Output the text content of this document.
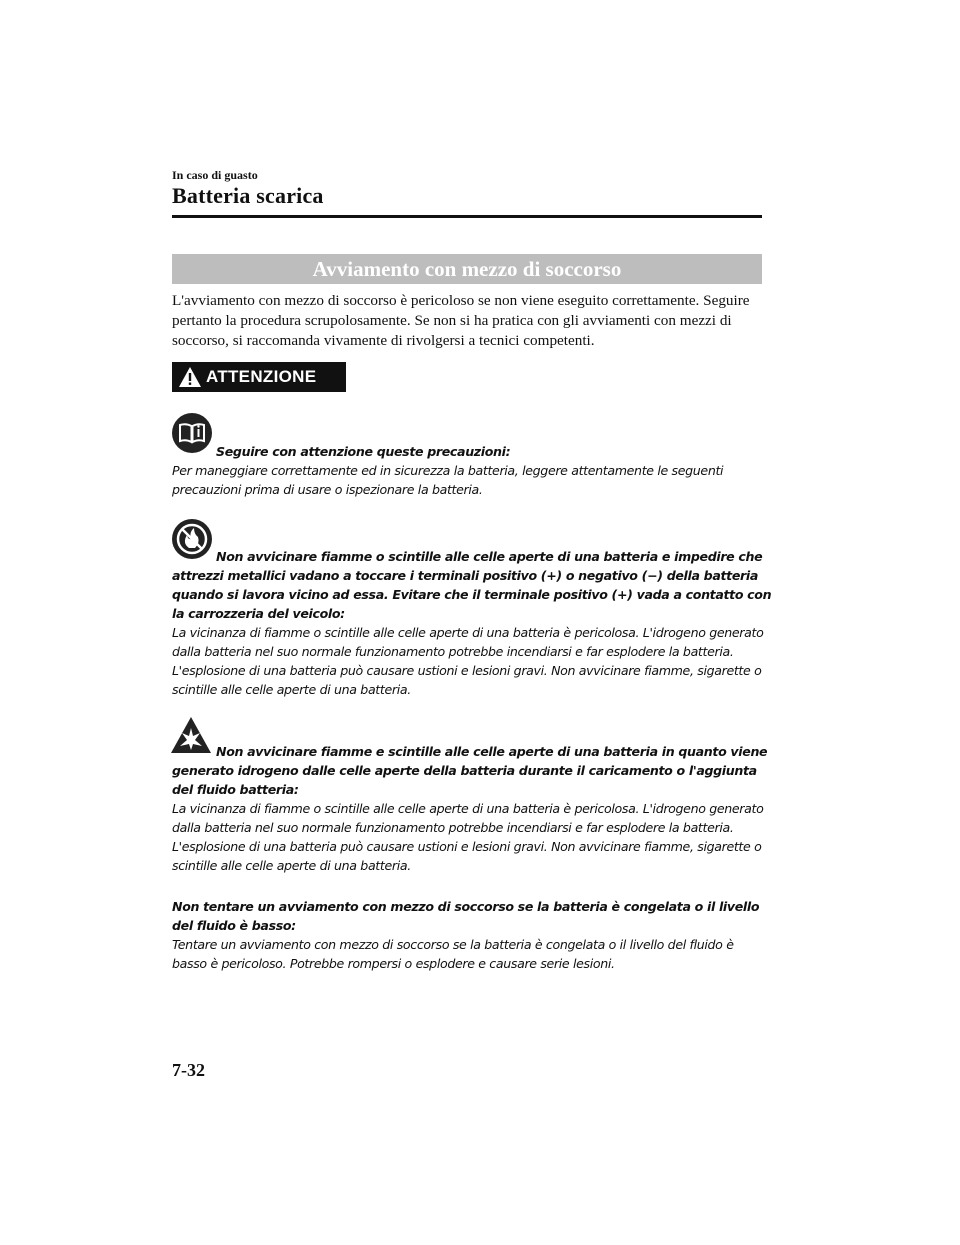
In caso di guasto
Batteria scarica
Avviamento con mezzo di soccorso
L'avviamento con mezzo di soccorso è pericoloso se non viene eseguito correttamente. Seguire pertanto la procedura scrupolosamente. Se non si ha pratica con gli avviamenti con mezzi di soccorso, si raccomanda vivamente di rivolgersi a tecnici competenti.
ATTENZIONE

Seguire con attenzione queste precauzioni:

Per maneggiare correttamente ed in sicurezza la batteria, leggere attentamente le seguenti precauzioni prima di usare o ispezionare la batteria.

Non avvicinare fiamme o scintille alle celle aperte di una batteria e impedire che attrezzi metallici vadano a toccare i terminali positivo (+) o negativo (−) della batteria quando si lavora vicino ad essa. Evitare che il terminale positivo (+) vada a contatto con la carrozzeria del veicolo:

La vicinanza di fiamme o scintille alle celle aperte di una batteria è pericolosa. L'idrogeno generato dalla batteria nel suo normale funzionamento potrebbe incendiarsi e far esplodere la batteria. L'esplosione di una batteria può causare ustioni e lesioni gravi. Non avvicinare fiamme, sigarette o scintille alle celle aperte di una batteria.

Non avvicinare fiamme e scintille alle celle aperte di una batteria in quanto viene generato idrogeno dalle celle aperte della batteria durante il caricamento o l'aggiunta del fluido batteria:

La vicinanza di fiamme o scintille alle celle aperte di una batteria è pericolosa. L'idrogeno generato dalla batteria nel suo normale funzionamento potrebbe incendiarsi e far esplodere la batteria. L'esplosione di una batteria può causare ustioni e lesioni gravi. Non avvicinare fiamme, sigarette o scintille alle celle aperte di una batteria.

Non tentare un avviamento con mezzo di soccorso se la batteria è congelata o il livello del fluido è basso:

Tentare un avviamento con mezzo di soccorso se la batteria è congelata o il livello del fluido è basso è pericoloso. Potrebbe rompersi o esplodere e causare serie lesioni.

7-32
